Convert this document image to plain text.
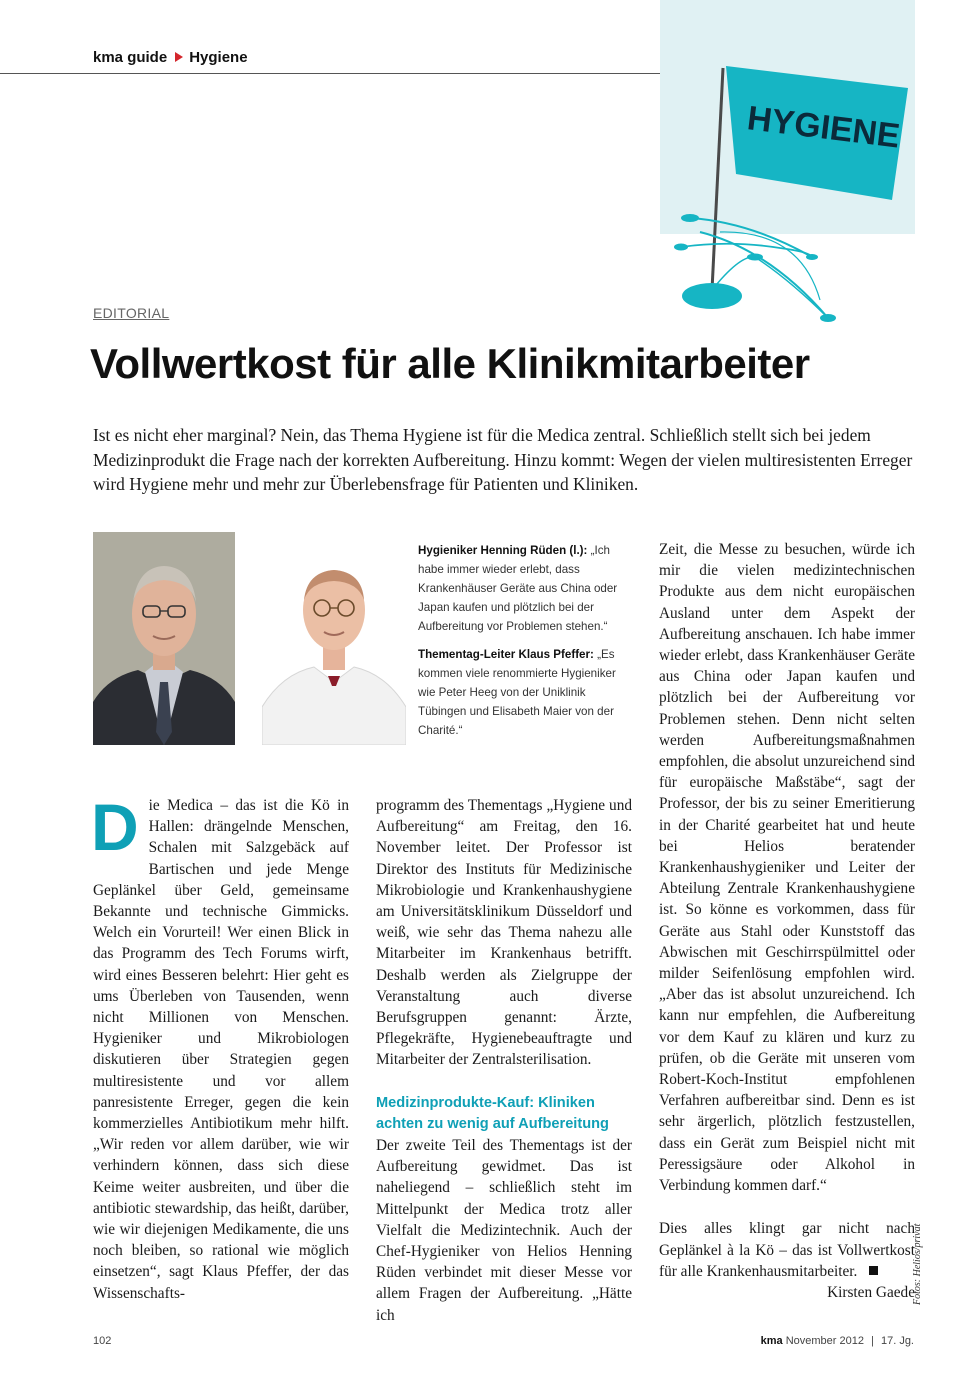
kma guide Hygiene
HYGIENE
EDITORIAL
Vollwertkost für alle Klinikmitarbeiter

Ist es nicht eher marginal? Nein, das Thema Hygiene ist für die Medica zentral. Schließlich stellt sich bei jedem Medizinprodukt die Frage nach der korrekten Aufbereitung. Hinzu kommt: Wegen der vielen multiresistenten Erreger wird Hygiene mehr und mehr zur Überlebensfrage für Patienten und Kliniken.

Hygieniker Henning Rüden (l.): „Ich habe immer wieder erlebt, dass Krankenhäuser Geräte aus China oder Japan kaufen und plötzlich bei der Aufbereitung vor Problemen stehen.“

Thementag-Leiter Klaus Pfeffer: „Es kommen viele renommierte Hygieniker wie Peter Heeg von der Uniklinik Tübingen und Elisabeth Maier von der Charité.“

D ie Medica – das ist die Kö in Hallen: drängelnde Menschen, Schalen mit Salzgebäck auf Bartischen und jede Menge Geplänkel über Geld, gemeinsame Bekannte und technische Gimmicks. Welch ein Vorurteil! Wer einen Blick in das Programm des Tech Forums wirft, wird eines Besseren belehrt: Hier geht es ums Überleben von Tausenden, wenn nicht Millionen von Menschen. Hygieniker und Mikrobiologen diskutieren über Strategien gegen multiresistente und vor allem panresistente Erreger, gegen die kein kommerzielles Antibiotikum mehr hilft. „Wir reden vor allem darüber, wie wir verhindern können, dass sich diese Keime weiter ausbreiten, und über die antibiotic stewardship, das heißt, darüber, wie wir diejenigen Medikamente, die uns noch bleiben, so rational wie möglich einsetzen“, sagt Klaus Pfeffer, der das Wissenschafts-

programm des Thementags „Hygiene und Aufbereitung“ am Freitag, den 16. November leitet. Der Professor ist Direktor des Instituts für Medizinische Mikrobiologie und Krankenhaushygiene am Universitätsklinikum Düsseldorf und weiß, wie sehr das Thema nahezu alle Mitarbeiter im Krankenhaus betrifft. Deshalb werden als Zielgruppe der Veranstaltung auch diverse Berufsgruppen genannt: Ärzte, Pflegekräfte, Hygienebeauftragte und Mitarbeiter der Zentralsterilisation.

Medizinprodukte-Kauf: Kliniken achten zu wenig auf Aufbereitung

Der zweite Teil des Thementags ist der Aufbereitung gewidmet. Das ist naheliegend – schließlich steht im Mittelpunkt der Medica trotz aller Vielfalt die Medizintechnik. Auch der Chef-Hygieniker von Helios Henning Rüden verbindet mit dieser Messe vor allem Fragen der Aufbereitung. „Hätte ich

Zeit, die Messe zu besuchen, würde ich mir die vielen medizintechnischen Produkte aus dem nicht europäischen Ausland unter dem Aspekt der Aufbereitung anschauen. Ich habe immer wieder erlebt, dass Krankenhäuser Geräte aus China oder Japan kaufen und plötzlich bei der Aufbereitung vor Problemen stehen. Denn nicht selten werden Aufbereitungsmaßnahmen empfohlen, die absolut unzureichend sind für europäische Maßstäbe“, sagt der Professor, der bis zu seiner Emeritierung in der Charité gearbeitet hat und heute bei Helios beratender Krankenhaushygieniker und Leiter der Abteilung Zentrale Krankenhaushygiene ist. So könne es vorkommen, dass für Geräte aus Stahl oder Kunststoff das Abwischen mit Geschirrspülmittel oder milder Seifenlösung empfohlen wird. „Aber das ist absolut unzureichend. Ich kann nur empfehlen, die Aufbereitung vor dem Kauf zu klären und kurz zu prüfen, ob die Geräte mit unseren vom Robert-Koch-Institut empfohlenen Verfahren aufbereitbar sind. Denn es ist sehr ärgerlich, plötzlich festzustellen, dass ein Gerät zum Beispiel nicht mit Peressigsäure oder Alkohol in Verbindung kommen darf.“

Dies alles klingt gar nicht nach Geplänkel à la Kö – das ist Vollwertkost für alle Krankenhausmitarbeiter.

Kirsten Gaede

Fotos: Helios/privat
102	kma November 2012 | 17. Jg.
